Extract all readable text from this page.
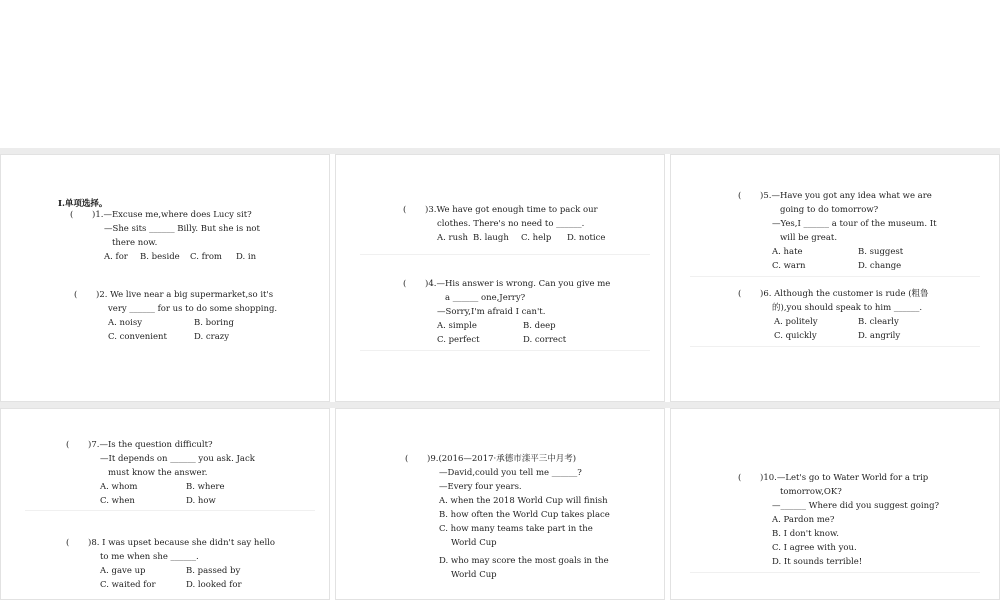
Ⅰ.单项选择。
( )1.—Excuse me,where does Lucy sit?
—She sits ______ Billy. But she is not
there now.
A. for B. beside C. from D. in
( )2. We live near a big supermarket,so it's
very ______ for us to do some shopping.
A. noisy	B. boring
C. convenient	D. crazy
( )3.We have got enough time to pack our
clothes. There's no need to ______.
A. rush B. laugh C. help D. notice
( )4.—His answer is wrong. Can you give me
a ______ one,Jerry?
—Sorry,I'm afraid I can't.
A. simple	B. deep
C. perfect	D. correct
( )5.—Have you got any idea what we are
going to do tomorrow?
—Yes,I ______ a tour of the museum. It
will be great.
A. hate	B. suggest
C. warn	D. change
( )6. Although the customer is rude (粗鲁
的),you should speak to him ______.
A. politely	B. clearly
C. quickly	D. angrily
( )7.—Is the question difficult?
—It depends on ______ you ask. Jack
must know the answer.
A. whom	B. where
C. when	D. how
( )8. I was upset because she didn't say hello
to me when she ______.
A. gave up	B. passed by
C. waited for	D. looked for
( )9.(2016—2017·承德市滦平三中月考)
—David,could you tell me ______?
—Every four years.
A. when the 2018 World Cup will finish
B. how often the World Cup takes place
C. how many teams take part in the
World Cup
D. who may score the most goals in the
World Cup
( )10.—Let's go to Water World for a trip
tomorrow,OK?
—______ Where did you suggest going?
A. Pardon me?
B. I don't know.
C. I agree with you.
D. It sounds terrible!
